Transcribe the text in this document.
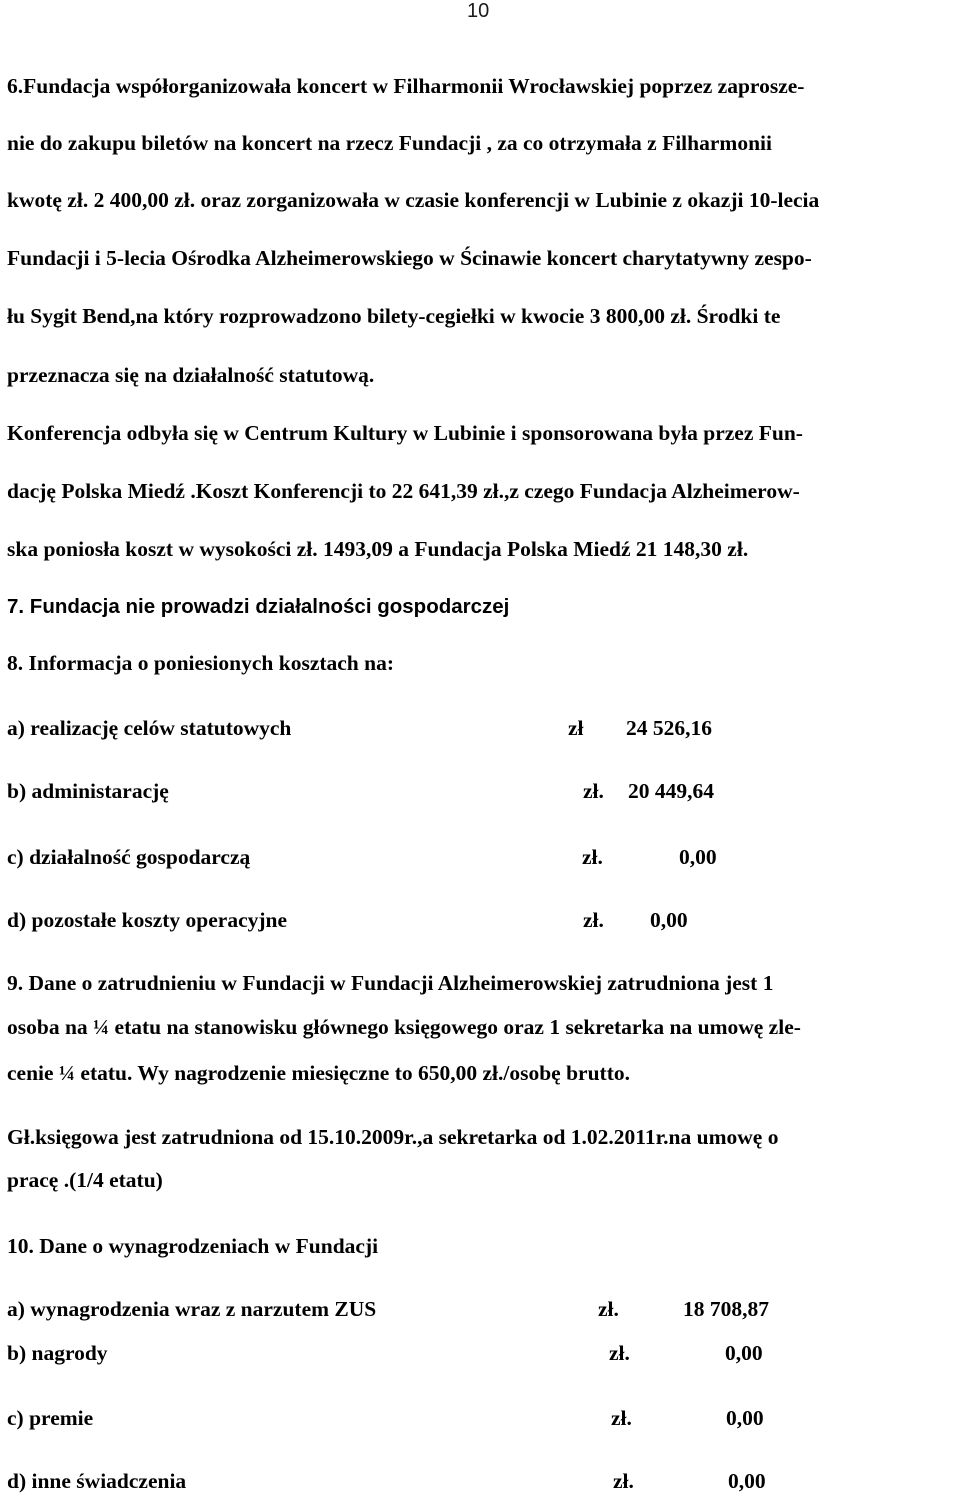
10
6.Fundacja współorganizowała koncert w Filharmonii Wrocławskiej poprzez zaprosze-
nie do zakupu biletów na koncert na rzecz Fundacji , za co otrzymała z Filharmonii
kwotę zł. 2 400,00 zł. oraz zorganizowała w czasie konferencji w Lubinie z okazji 10-lecia
Fundacji i 5-lecia Ośrodka Alzheimerowskiego w Ścinawie koncert charytatywny zespo-
łu Sygit Bend,na który rozprowadzono bilety-cegiełki w kwocie 3 800,00 zł. Środki te
przeznacza się na działalność statutową.
Konferencja odbyła się w Centrum Kultury w Lubinie i sponsorowana była przez Fun-
dację Polska Miedź .Koszt Konferencji to 22 641,39 zł.,z czego Fundacja Alzheimerow-
ska poniosła koszt w wysokości zł. 1493,09 a Fundacja Polska Miedź 21 148,30 zł.
7. Fundacja nie prowadzi działalności gospodarczej
8. Informacja o poniesionych kosztach na:
a) realizację celów statutowych	zł 24 526,16
b) administarację	zł. 20 449,64
c) działalność gospodarczą	zł.	0,00
d) pozostałe koszty operacyjne	zł. 0,00
9. Dane o zatrudnieniu w Fundacji w Fundacji Alzheimerowskiej zatrudniona jest 1
osoba na ¼ etatu na stanowisku głównego księgowego oraz 1 sekretarka na umowę zle-
cenie ¼ etatu. Wy nagrodzenie miesięczne to 650,00 zł./osobę brutto.
Gł.księgowa jest zatrudniona od 15.10.2009r.,a sekretarka od 1.02.2011r.na umowę o
pracę .(1/4 etatu)
10. Dane o wynagrodzeniach w Fundacji
a) wynagrodzenia wraz z narzutem ZUS	zł.	18 708,87
b) nagrody	zł.	0,00
c) premie	zł.	0,00
d) inne świadczenia	zł.	0,00
